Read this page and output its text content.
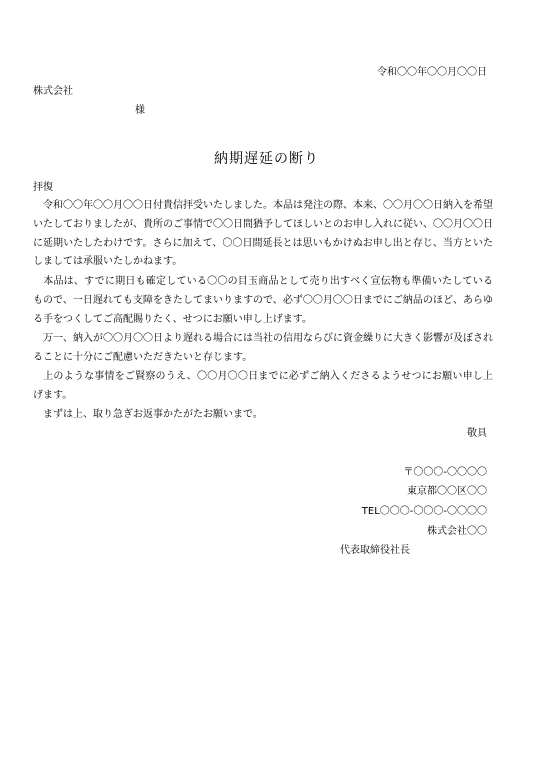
令和〇〇年〇〇月〇〇日
株式会社
様
納期遅延の断り
拝復
　令和〇〇年〇〇月〇〇日付貴信拝受いたしました。本品は発注の際、本来、〇〇月〇〇日納入を希望いたしておりましたが、貴所のご事情で〇〇日間猶予してほしいとのお申し入れに従い、〇〇月〇〇日に延期いたしたわけです。さらに加えて、〇〇日間延長とは思いもかけぬお申し出と存じ、当方といたしましては承服いたしかねます。
　本品は、すでに期日も確定している〇〇の目玉商品として売り出すべく宣伝物も準備いたしているもので、一日遅れても支障をきたしてまいりますので、必ず〇〇月〇〇日までにご納品のほど、あらゆる手をつくしてご高配賜りたく、せつにお願い申し上げます。
　万一、納入が〇〇月〇〇日より遅れる場合には当社の信用ならびに資金繰りに大きく影響が及ぼされることに十分にご配慮いただきたいと存じます。
　上のような事情をご賢察のうえ、〇〇月〇〇日までに必ずご納入くださるようせつにお願い申し上げます。
　まずは上、取り急ぎお返事かたがたお願いまで。
敬具
〒〇〇〇-〇〇〇〇
東京都〇〇区〇〇
TEL〇〇〇-〇〇〇-〇〇〇〇
株式会社〇〇
代表取締役社長
